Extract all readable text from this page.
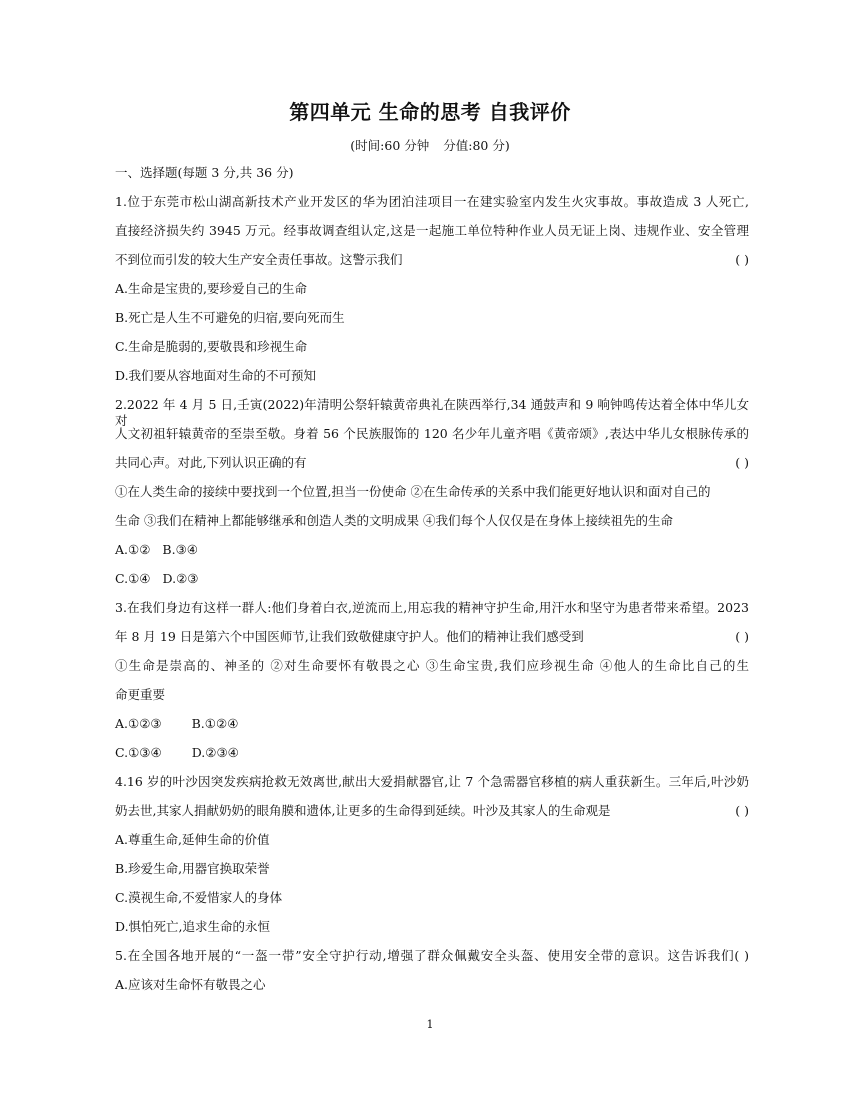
第四单元 生命的思考 自我评价
(时间:60 分钟 分值:80 分)
一、选择题(每题 3 分,共 36 分)
1.位于东莞市松山湖高新技术产业开发区的华为团泊洼项目一在建实验室内发生火灾事故。事故造成 3 人死亡,
直接经济损失约 3945 万元。经事故调查组认定,这是一起施工单位特种作业人员无证上岗、违规作业、安全管理
不到位而引发的较大生产安全责任事故。这警示我们	( )
A.生命是宝贵的,要珍爱自己的生命
B.死亡是人生不可避免的归宿,要向死而生
C.生命是脆弱的,要敬畏和珍视生命
D.我们要从容地面对生命的不可预知
2.2022 年 4 月 5 日,壬寅(2022)年清明公祭轩辕黄帝典礼在陕西举行,34 通鼓声和 9 响钟鸣传达着全体中华儿女对
人文初祖轩辕黄帝的至崇至敬。身着 56 个民族服饰的 120 名少年儿童齐唱《黄帝颂》,表达中华儿女根脉传承的
共同心声。对此,下列认识正确的有	( )
①在人类生命的接续中要找到一个位置,担当一份使命 ②在生命传承的关系中我们能更好地认识和面对自己的
生命 ③我们在精神上都能够继承和创造人类的文明成果 ④我们每个人仅仅是在身体上接续祖先的生命
A.①② B.③④
C.①④ D.②③
3.在我们身边有这样一群人:他们身着白衣,逆流而上,用忘我的精神守护生命,用汗水和坚守为患者带来希望。2023
年 8 月 19 日是第六个中国医师节,让我们致敬健康守护人。他们的精神让我们感受到	( )
①生命是崇高的、神圣的 ②对生命要怀有敬畏之心 ③生命宝贵,我们应珍视生命 ④他人的生命比自己的生
命更重要
A.①②③ B.①②④
C.①③④ D.②③④
4.16 岁的叶沙因突发疾病抢救无效离世,献出大爱捐献器官,让 7 个急需器官移植的病人重获新生。三年后,叶沙奶
奶去世,其家人捐献奶奶的眼角膜和遗体,让更多的生命得到延续。叶沙及其家人的生命观是	( )
A.尊重生命,延伸生命的价值
B.珍爱生命,用器官换取荣誉
C.漠视生命,不爱惜家人的身体
D.惧怕死亡,追求生命的永恒
5.在全国各地开展的“一盔一带”安全守护行动,增强了群众佩戴安全头盔、使用安全带的意识。这告诉我们( )
A.应该对生命怀有敬畏之心
1
